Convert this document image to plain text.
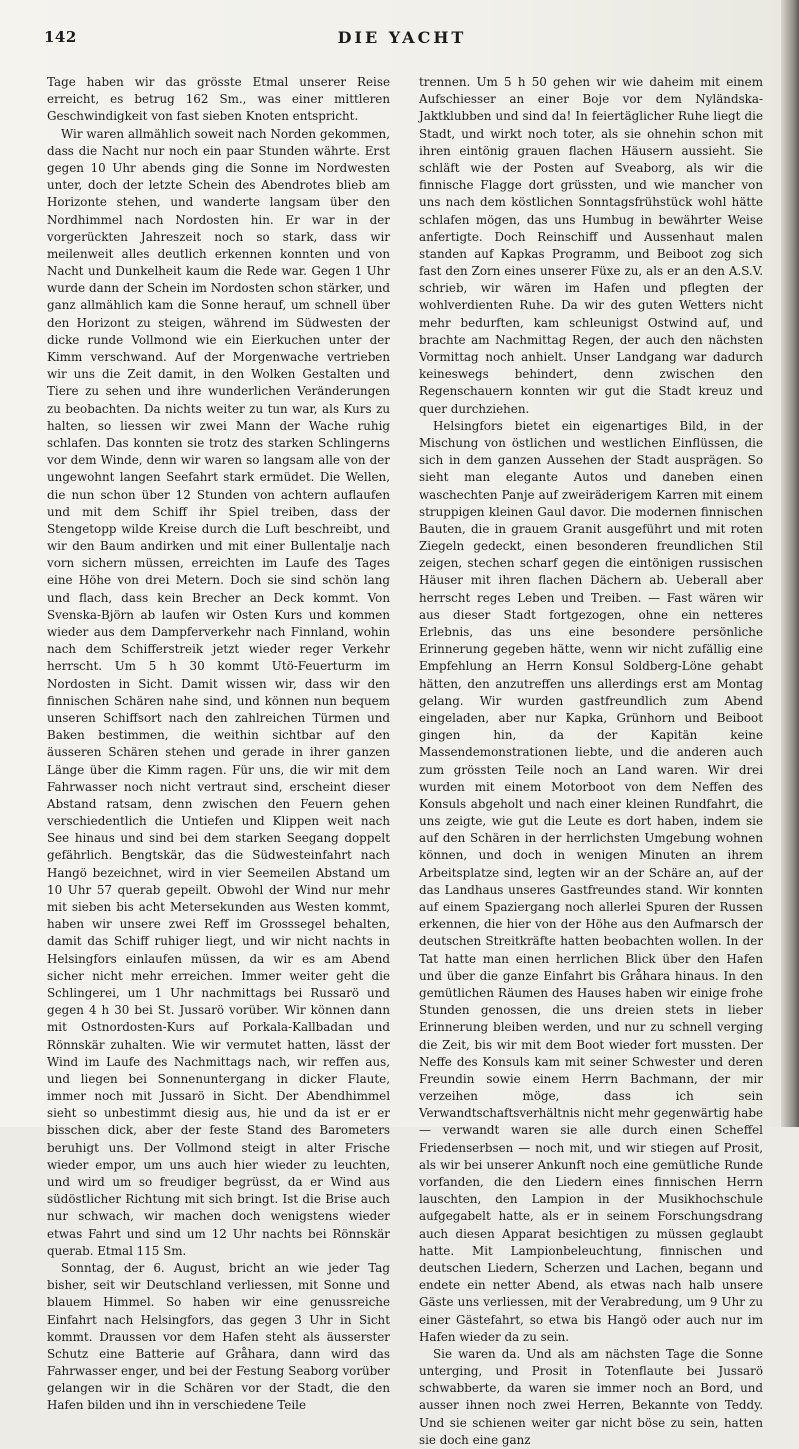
142	DIE YACHT

Tage haben wir das grösste Etmal unserer Reise erreicht, es betrug 162 Sm., was einer mittleren Geschwindigkeit von fast sieben Knoten entspricht.

Wir waren allmählich soweit nach Norden gekommen, dass die Nacht nur noch ein paar Stunden währte. Erst gegen 10 Uhr abends ging die Sonne im Nordwesten unter, doch der letzte Schein des Abendrotes blieb am Horizonte stehen, und wanderte langsam über den Nordhimmel nach Nordosten hin. Er war in der vorgerückten Jahreszeit noch so stark, dass wir meilenweit alles deutlich erkennen konnten und von Nacht und Dunkelheit kaum die Rede war. Gegen 1 Uhr wurde dann der Schein im Nordosten schon stärker, und ganz allmählich kam die Sonne herauf, um schnell über den Horizont zu steigen, während im Südwesten der dicke runde Vollmond wie ein Eierkuchen unter der Kimm verschwand. Auf der Morgenwache vertrieben wir uns die Zeit damit, in den Wolken Gestalten und Tiere zu sehen und ihre wunderlichen Veränderungen zu beobachten. Da nichts weiter zu tun war, als Kurs zu halten, so liessen wir zwei Mann der Wache ruhig schlafen. Das konnten sie trotz des starken Schlingerns vor dem Winde, denn wir waren so langsam alle von der ungewohnt langen Seefahrt stark ermüdet. Die Wellen, die nun schon über 12 Stunden von achtern auflaufen und mit dem Schiff ihr Spiel treiben, dass der Stengetopp wilde Kreise durch die Luft beschreibt, und wir den Baum andirken und mit einer Bullentalje nach vorn sichern müssen, erreichten im Laufe des Tages eine Höhe von drei Metern. Doch sie sind schön lang und flach, dass kein Brecher an Deck kommt. Von Svenska-Björn ab laufen wir Osten Kurs und kommen wieder aus dem Dampferverkehr nach Finnland, wohin nach dem Schifferstreik jetzt wieder reger Verkehr herrscht. Um 5 h 30 kommt Utö-Feuerturm im Nordosten in Sicht. Damit wissen wir, dass wir den finnischen Schären nahe sind, und können nun bequem unseren Schiffsort nach den zahlreichen Türmen und Baken bestimmen, die weithin sichtbar auf den äusseren Schären stehen und gerade in ihrer ganzen Länge über die Kimm ragen. Für uns, die wir mit dem Fahrwasser noch nicht vertraut sind, erscheint dieser Abstand ratsam, denn zwischen den Feuern gehen verschiedentlich die Untiefen und Klippen weit nach See hinaus und sind bei dem starken Seegang doppelt gefährlich. Bengtskär, das die Südwesteinfahrt nach Hangö bezeichnet, wird in vier Seemeilen Abstand um 10 Uhr 57 querab gepeilt. Obwohl der Wind nur mehr mit sieben bis acht Metersekunden aus Westen kommt, haben wir unsere zwei Reff im Grosssegel behalten, damit das Schiff ruhiger liegt, und wir nicht nachts in Helsingfors einlaufen müssen, da wir es am Abend sicher nicht mehr erreichen. Immer weiter geht die Schlingerei, um 1 Uhr nachmittags bei Russarö und gegen 4 h 30 bei St. Jussarö vorüber. Wir können dann mit Ostnordosten-Kurs auf Porkala-Kallbadan und Rönnskär zuhalten. Wie wir vermutet hatten, lässt der Wind im Laufe des Nachmittags nach, wir reffen aus, und liegen bei Sonnenuntergang in dicker Flaute, immer noch mit Jussarö in Sicht. Der Abendhimmel sieht so unbestimmt diesig aus, hie und da ist er er bisschen dick, aber der feste Stand des Barometers beruhigt uns. Der Vollmond steigt in alter Frische wieder empor, um uns auch hier wieder zu leuchten, und wird um so freudiger begrüsst, da er Wind aus südöstlicher Richtung mit sich bringt. Ist die Brise auch nur schwach, wir machen doch wenigstens wieder etwas Fahrt und sind um 12 Uhr nachts bei Rönnskär querab. Etmal 115 Sm.

Sonntag, der 6. August, bricht an wie jeder Tag bisher, seit wir Deutschland verliessen, mit Sonne und blauem Himmel. So haben wir eine genussreiche Einfahrt nach Helsingfors, das gegen 3 Uhr in Sicht kommt. Draussen vor dem Hafen steht als äusserster Schutz eine Batterie auf Gråhara, dann wird das Fahrwasser enger, und bei der Festung Seaborg vorüber gelangen wir in die Schären vor der Stadt, die den Hafen bilden und ihn in verschiedene Teile

trennen. Um 5 h 50 gehen wir wie daheim mit einem Aufschiesser an einer Boje vor dem Nyländska-Jaktklubben und sind da! In feiertäglicher Ruhe liegt die Stadt, und wirkt noch toter, als sie ohnehin schon mit ihren eintönig grauen flachen Häusern aussieht. Sie schläft wie der Posten auf Sveaborg, als wir die finnische Flagge dort grüssten, und wie mancher von uns nach dem köstlichen Sonntagsfrühstück wohl hätte schlafen mögen, das uns Humbug in bewährter Weise anfertigte. Doch Reinschiff und Aussenhaut malen standen auf Kapkas Programm, und Beiboot zog sich fast den Zorn eines unserer Füxe zu, als er an den A.S.V. schrieb, wir wären im Hafen und pflegten der wohlverdienten Ruhe. Da wir des guten Wetters nicht mehr bedurften, kam schleunigst Ostwind auf, und brachte am Nachmittag Regen, der auch den nächsten Vormittag noch anhielt. Unser Landgang war dadurch keineswegs behindert, denn zwischen den Regenschauern konnten wir gut die Stadt kreuz und quer durchziehen.

Helsingfors bietet ein eigenartiges Bild, in der Mischung von östlichen und westlichen Einflüssen, die sich in dem ganzen Aussehen der Stadt ausprägen. So sieht man elegante Autos und daneben einen waschechten Panje auf zweiräderigem Karren mit einem struppigen kleinen Gaul davor. Die modernen finnischen Bauten, die in grauem Granit ausgeführt und mit roten Ziegeln gedeckt, einen besonderen freundlichen Stil zeigen, stechen scharf gegen die eintönigen russischen Häuser mit ihren flachen Dächern ab. Ueberall aber herrscht reges Leben und Treiben. — Fast wären wir aus dieser Stadt fortgezogen, ohne ein netteres Erlebnis, das uns eine besondere persönliche Erinnerung gegeben hätte, wenn wir nicht zufällig eine Empfehlung an Herrn Konsul Soldberg-Löne gehabt hätten, den anzutreffen uns allerdings erst am Montag gelang. Wir wurden gastfreundlich zum Abend eingeladen, aber nur Kapka, Grünhorn und Beiboot gingen hin, da der Kapitän keine Massendemonstrationen liebte, und die anderen auch zum grössten Teile noch an Land waren. Wir drei wurden mit einem Motorboot von dem Neffen des Konsuls abgeholt und nach einer kleinen Rundfahrt, die uns zeigte, wie gut die Leute es dort haben, indem sie auf den Schären in der herrlichsten Umgebung wohnen können, und doch in wenigen Minuten an ihrem Arbeitsplatze sind, legten wir an der Schäre an, auf der das Landhaus unseres Gastfreundes stand. Wir konnten auf einem Spaziergang noch allerlei Spuren der Russen erkennen, die hier von der Höhe aus den Aufmarsch der deutschen Streitkräfte hatten beobachten wollen. In der Tat hatte man einen herrlichen Blick über den Hafen und über die ganze Einfahrt bis Gråhara hinaus. In den gemütlichen Räumen des Hauses haben wir einige frohe Stunden genossen, die uns dreien stets in lieber Erinnerung bleiben werden, und nur zu schnell verging die Zeit, bis wir mit dem Boot wieder fort mussten. Der Neffe des Konsuls kam mit seiner Schwester und deren Freundin sowie einem Herrn Bachmann, der mir verzeihen möge, dass ich sein Verwandtschaftsverhältnis nicht mehr gegenwärtig habe — verwandt waren sie alle durch einen Scheffel Friedenserbsen — noch mit, und wir stiegen auf Prosit, als wir bei unserer Ankunft noch eine gemütliche Runde vorfanden, die den Liedern eines finnischen Herrn lauschten, den Lampion in der Musikhochschule aufgegabelt hatte, als er in seinem Forschungsdrang auch diesen Apparat besichtigen zu müssen geglaubt hatte. Mit Lampionbeleuchtung, finnischen und deutschen Liedern, Scherzen und Lachen, begann und endete ein netter Abend, als etwas nach halb unsere Gäste uns verliessen, mit der Verabredung, um 9 Uhr zu einer Gästefahrt, so etwa bis Hangö oder auch nur im Hafen wieder da zu sein.

Sie waren da. Und als am nächsten Tage die Sonne unterging, und Prosit in Totenflaute bei Jussarö schwabberte, da waren sie immer noch an Bord, und ausser ihnen noch zwei Herren, Bekannte von Teddy. Und sie schienen weiter gar nicht böse zu sein, hatten sie doch eine ganz
